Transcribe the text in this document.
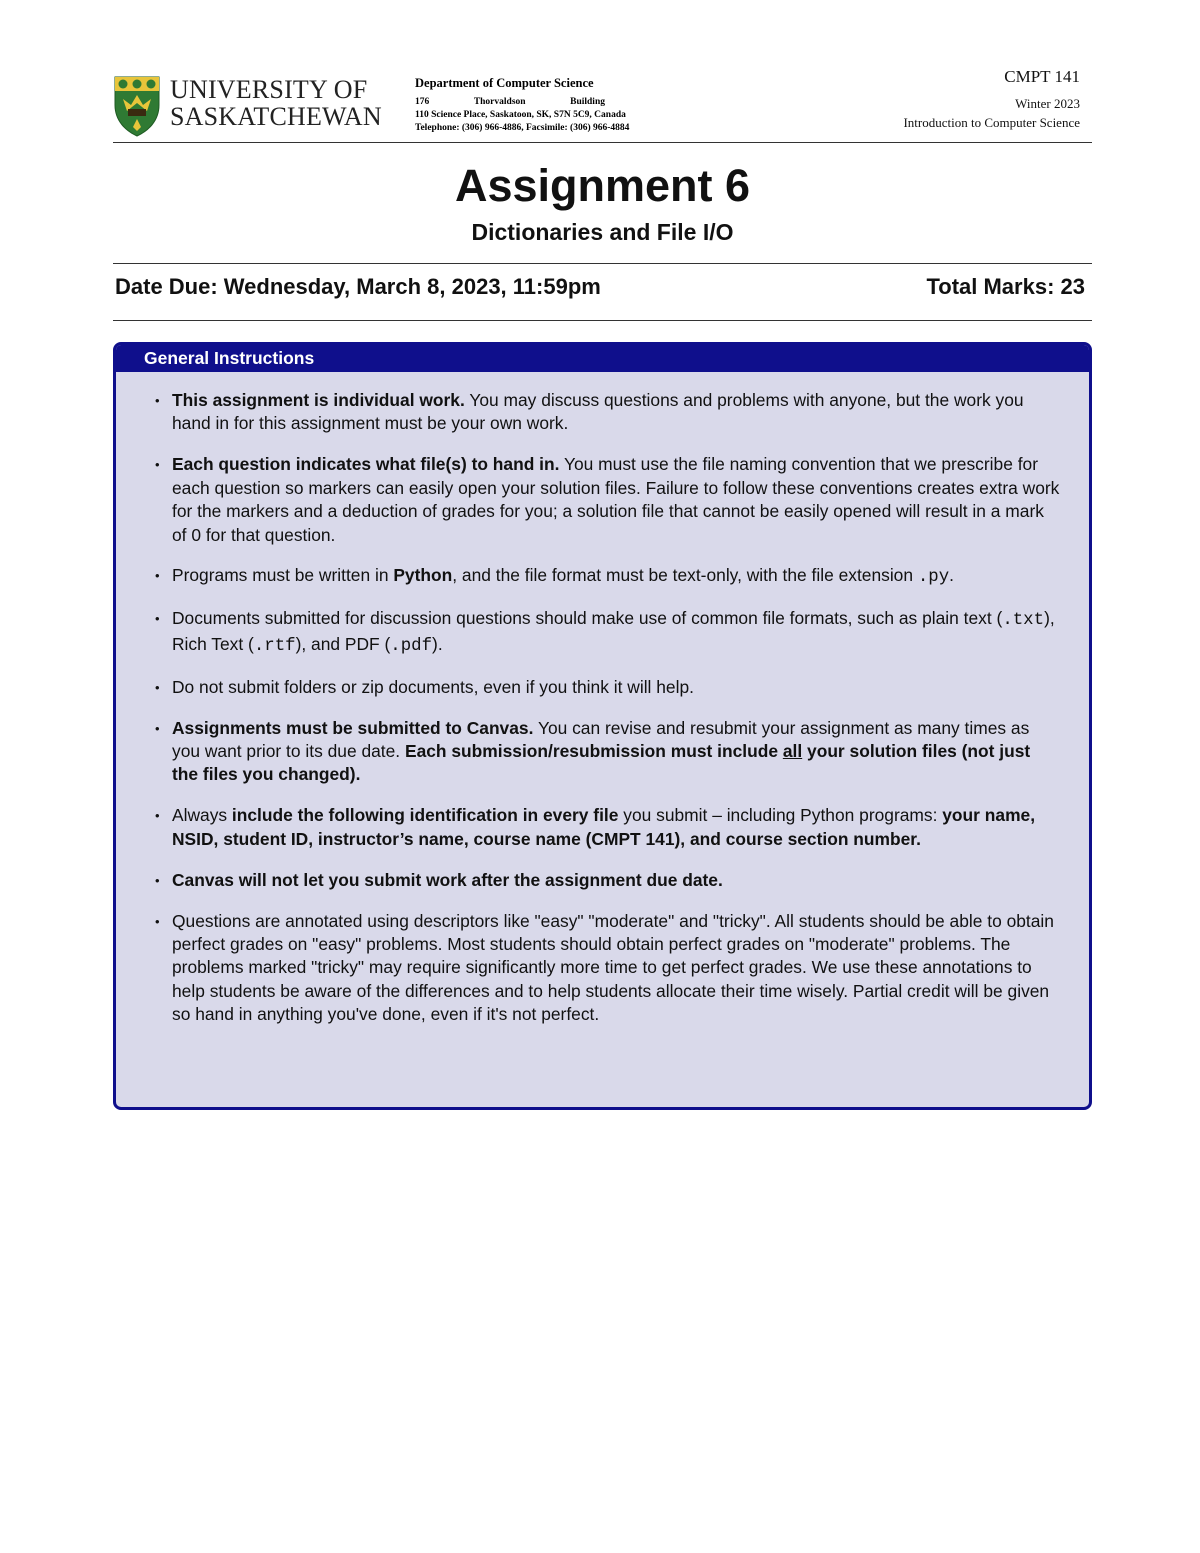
UNIVERSITY OF
SASKATCHEWAN
Department of Computer Science
176	Thorvaldson	Building
110 Science Place, Saskatoon, SK, S7N 5C9, Canada
Telephone: (306) 966-4886, Facsimile: (306) 966-4884
CMPT 141
Winter 2023
Introduction to Computer Science
Assignment 6
Dictionaries and File I/O
Date Due: Wednesday, March 8, 2023, 11:59pm	Total Marks: 23
General Instructions
• This assignment is individual work. You may discuss questions and problems with anyone, but the work you hand in for this assignment must be your own work.
• Each question indicates what file(s) to hand in. You must use the file naming convention that we prescribe for each question so markers can easily open your solution files. Failure to follow these conventions creates extra work for the markers and a deduction of grades for you; a solution file that cannot be easily opened will result in a mark of 0 for that question.
• Programs must be written in Python, and the file format must be text-only, with the file extension .py.
• Documents submitted for discussion questions should make use of common file formats, such as plain text (.txt), Rich Text (.rtf), and PDF (.pdf).
• Do not submit folders or zip documents, even if you think it will help.
• Assignments must be submitted to Canvas. You can revise and resubmit your assignment as many times as you want prior to its due date. Each submission/resubmission must include all your solution files (not just the files you changed).
• Always include the following identification in every file you submit – including Python programs: your name, NSID, student ID, instructor’s name, course name (CMPT 141), and course section number.
• Canvas will not let you submit work after the assignment due date.
• Questions are annotated using descriptors like "easy" "moderate" and "tricky". All students should be able to obtain perfect grades on "easy" problems. Most students should obtain perfect grades on "moderate" problems. The problems marked "tricky" may require significantly more time to get perfect grades. We use these annotations to help students be aware of the differences and to help students allocate their time wisely. Partial credit will be given so hand in anything you've done, even if it's not perfect.
